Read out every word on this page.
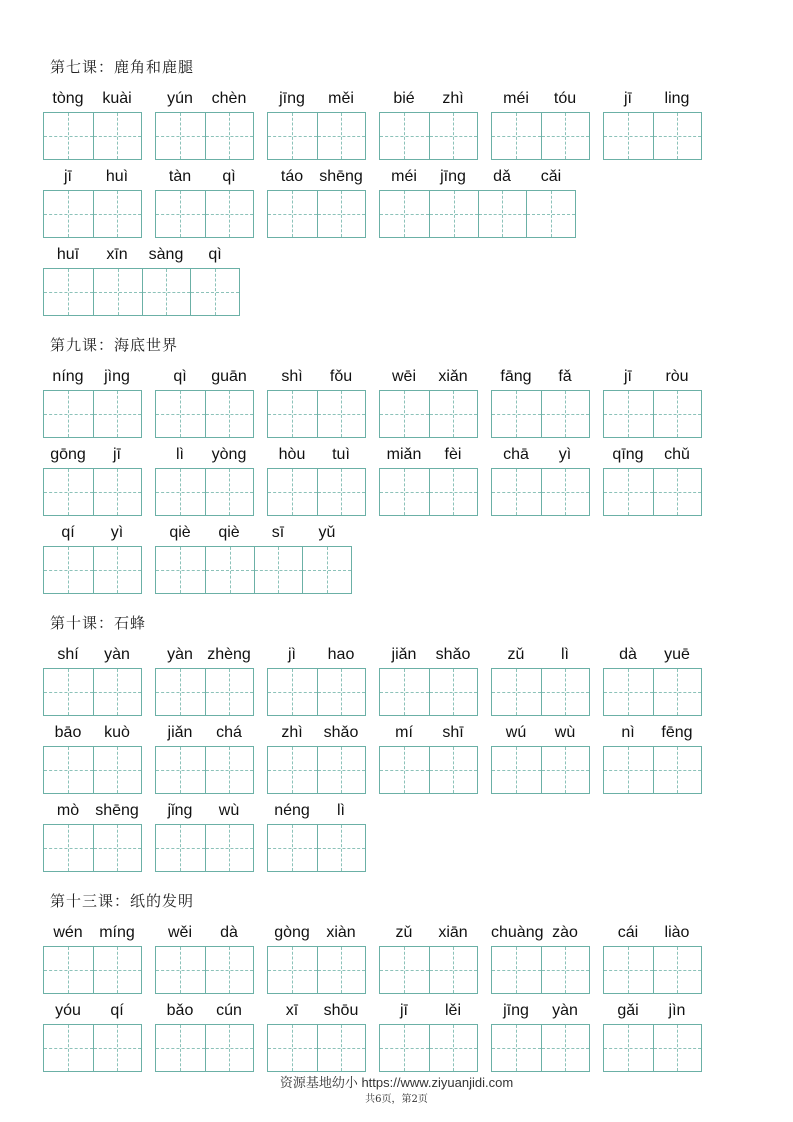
第七课：鹿角和鹿腿
tòng	kuài	yún	chèn	jīng	měi	bié	zhì	méi	tóu	jī	ling
jī	huì	tàn	qì	táo	shēng	méi	jīng	dǎ	cǎi
huī	xīn	sàng	qì
第九课：海底世界
níng	jìng	qì	guān	shì	fǒu	wēi	xiǎn	fāng	fǎ	jī	ròu
gōng	jī	lì	yòng	hòu	tuì	miǎn	fèi	chā	yì	qīng	chǔ
qí	yì	qiè	qiè	sī	yǔ
第十课：石蜂
shí	yàn	yàn zhèng	jì	hao	jiǎn	shǎo	zǔ	lì	dà	yuē
bāo	kuò	jiǎn	chá	zhì	shǎo	mí	shī	wú	wù	nì	fēng
mò	shēng	jǐng	wù	néng	lì
第十三课：纸的发明
wén	míng	wěi	dà	gòng	xiàn	zǔ	xiān	chuàng zào	cái	liào
yóu	qí	bǎo	cún	xī	shōu	jī	lěi	jīng	yàn	gǎi	jìn
资源基地幼小 https://www.ziyuanjidi.com
共6页，第2页
